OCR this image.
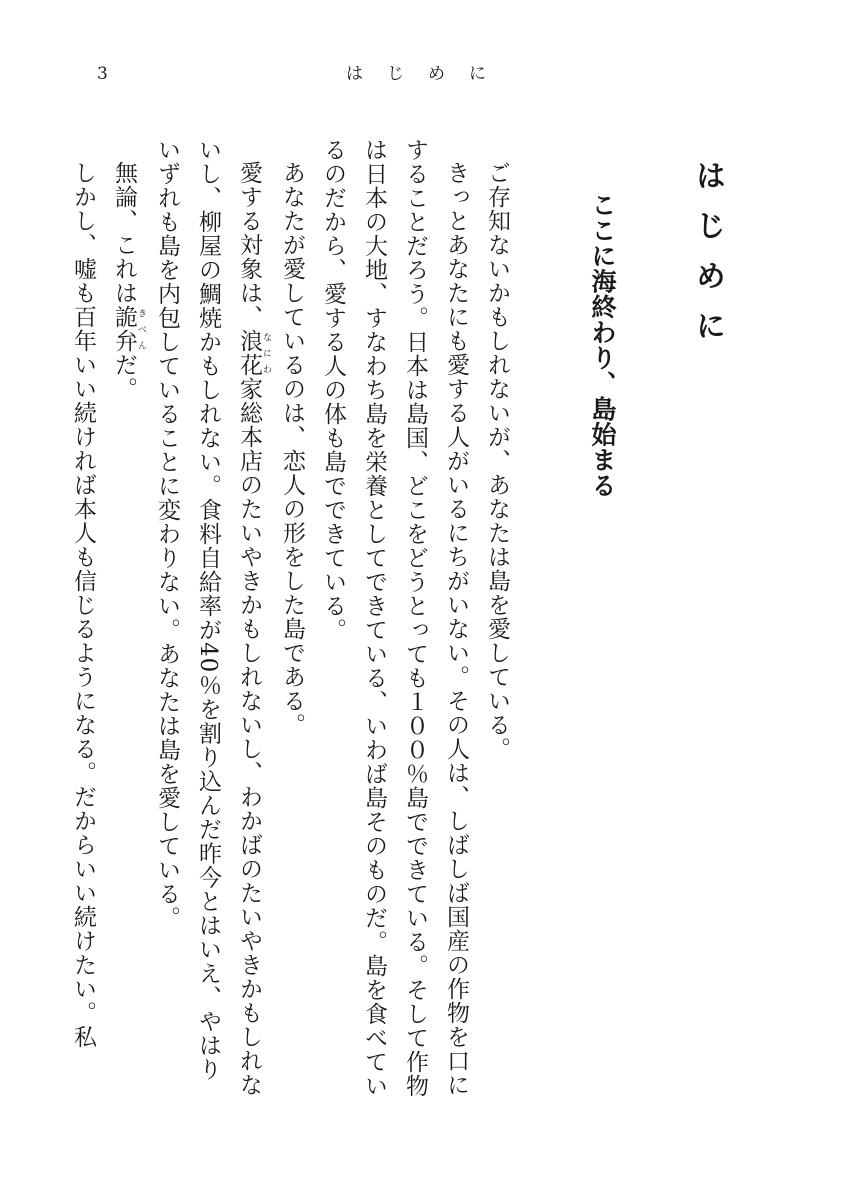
3	はじめに
はじめに
ここに海終わり、島始まる

ご存知ないかもしれないが、あなたは島を愛している。

きっとあなたにも愛する人がいるにちがいない。その人は、しばしば国産の作物を口にすることだろう。日本は島国、どこをどうとっても１００％島でできている。そして作物は日本の大地、すなわち島を栄養としてできている、いわば島そのものだ。島を食べているのだから、愛する人の体も島でできている。

あなたが愛しているのは、恋人の形をした島である。

愛する対象は、浪花 なにわ家総本店のたいやきかもしれないし、わかばのたいやきかもしれないし、柳屋の鯛焼かもしれない。食料自給率が40％を割り込んだ昨今とはいえ、やはりいずれも島を内包していることに変わりない。あなたは島を愛している。

無論、これは詭弁 きべんだ。

しかし、嘘も百年いい続ければ本人も信じるようになる。だからいい続けたい。私
